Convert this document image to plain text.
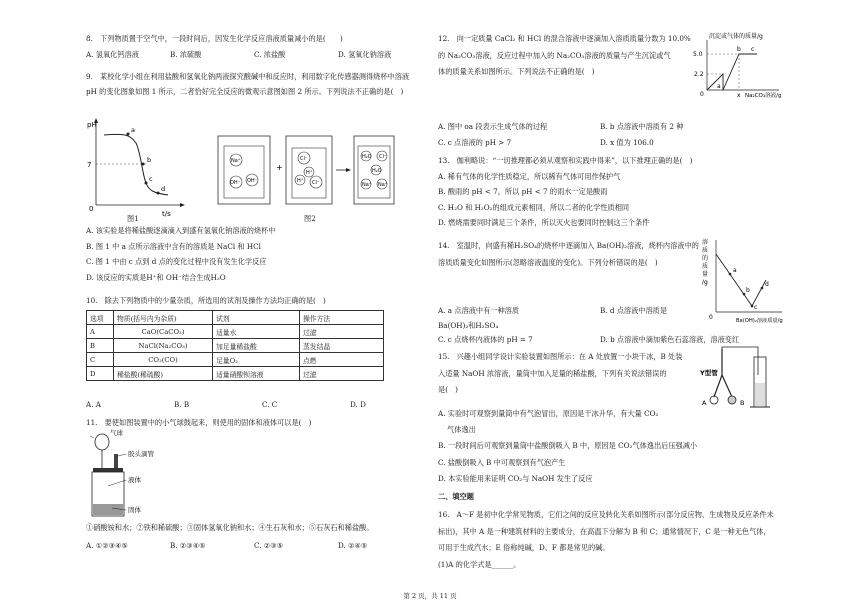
8.　下列物质置于空气中，一段时间后，因发生化学反应溶液质量减小的是(　　)
A. 氢氧化钙溶液	B. 浓硫酸	C. 浓盐酸	D. 氢氧化钠溶液
9.　某校化学小组在利用盐酸和氢氧化钠两液探究酸碱中和反应时，利用数字化传感器测得烧杯中溶液
pH 的变化图象如图 1 所示，二者恰好完全反应的微观示意图如图 2 所示。下列说法不正确的是(　)
pH
7
0
t/s
a
b
c
d
图1
Na⁺
OH⁻ OH⁻
+
Cl⁻
H⁺
H⁺ Cl⁻
H₂O Cl⁻
H₂O
Na⁺ Na⁺
图2
A. 该实验是将稀盐酸逐滴滴入到盛有氢氧化钠溶液的烧杯中
B. 图 1 中 a 点所示溶液中含有的溶质是 NaCl 和 HCl
C. 图 1 中由 c 点到 d 点的变化过程中没有发生化学反应
D. 该反应的实质是H⁺和 OH⁻结合生成H₂O
10.　除去下列物质中的少量杂质，所选用的试剂及操作方法均正确的是(　)
选项	物质(括号内为杂质)	试剂	操作方法
A	CaO(CaCO₃)	适量水	过滤
B	NaCl(Na₂CO₃)	加足量稀盐酸	蒸发结晶
C	CO₂(CO)	足量O₂	点燃
D	稀盐酸(稀硫酸)	适量硝酸钡溶液	过滤
A. A	B. B	C. C	D. D
11.　要使如图装置中的小气球鼓起来，则使用的固体和液体可以是(　)
气球
胶头滴管
液体
固体
①硝酸铵和水；②铁和稀硫酸；③固体氢氧化钠和水；④生石灰和水；⑤石灰石和稀盐酸。
A. ①②③④⑤	B. ②③④⑤	C. ②③⑤	D. ②④⑤
12.　向一定质量 CaCl₂ 和 HCl 的混合溶液中逐滴加入溶质质量分数为 10.0%
的 Na₂CO₃溶液，反应过程中加入的 Na₂CO₃溶液的质量与产生沉淀或气
体的质量关系如图所示。下列说法不正确的是(　)
沉淀或气体的质量/g
5.0
2.2
0
a
b c
x Na₂CO₃溶液/g
A. 图中 oa 段表示生成气体的过程	B. b 点溶液中溶质有 2 种
C. c 点溶液的 pH > 7	D. x 值为 106.0
13.　伽利略说：“一切推理都必须从观察和实践中得来”，以下推理正确的是(　)
A. 稀有气体的化学性质稳定，所以稀有气体可用作保护气
B. 酸雨的 pH < 7，所以 pH < 7 的雨水一定是酸雨
C. H₂O 和 H₂O₂的组成元素相同，所以二者的化学性质相同
D. 燃烧需要同时满足三个条件，所以灭火也要同时控制这三个条件
14.　室温时，向盛有稀H₂SO₄的烧杯中逐滴加入 Ba(OH)₂溶液，烧杯内溶液中的
溶质质量变化如图所示(忽略溶液温度的变化)。下列分析错误的是(　)
溶
质
的
质
量
/g
0
a
b
c
d
Ba(OH)₂溶液质量/g
A. a 点溶液中有一种溶质	B. d 点溶液中溶质是
Ba(OH)₂和H₂SO₄
C. c 点烧杯内液体的 pH = 7	D. b 点溶液中滴加紫色石蕊溶液，溶液变红
15.　兴趣小组同学设计实验装置如图所示：在 A 处放置一小块干冰，B 处装
入适量 NaOH 浓溶液，量筒中加入足量的稀盐酸，下列有关说法错误的
是(　)
Y型管
A	B
A. 实验时可观察到量筒中有气泡冒出，原因是干冰升华，有大量 CO₂
气体逸出
B. 一段时间后可观察到量筒中盐酸倒吸入 B 中，原因是 CO₂气体逸出后压强减小
C. 盐酸倒吸入 B 中可观察到有气泡产生
D. 本实验能用来证明 CO₂与 NaOH 发生了反应
二、填空题
16.　A～F 是初中化学常见物质，它们之间的反应及转化关系如图所示(部分反应物、生成物及反应条件未
标出)，其中 A 是一种建筑材料的主要成分，在高温下分解为 B 和 C；通常情况下，C 是一种无色气体，
可用于生成汽水；E 俗称纯碱，D、F 都是常见的碱。
(1)A 的化学式是______。
第 2 页，共 11 页
